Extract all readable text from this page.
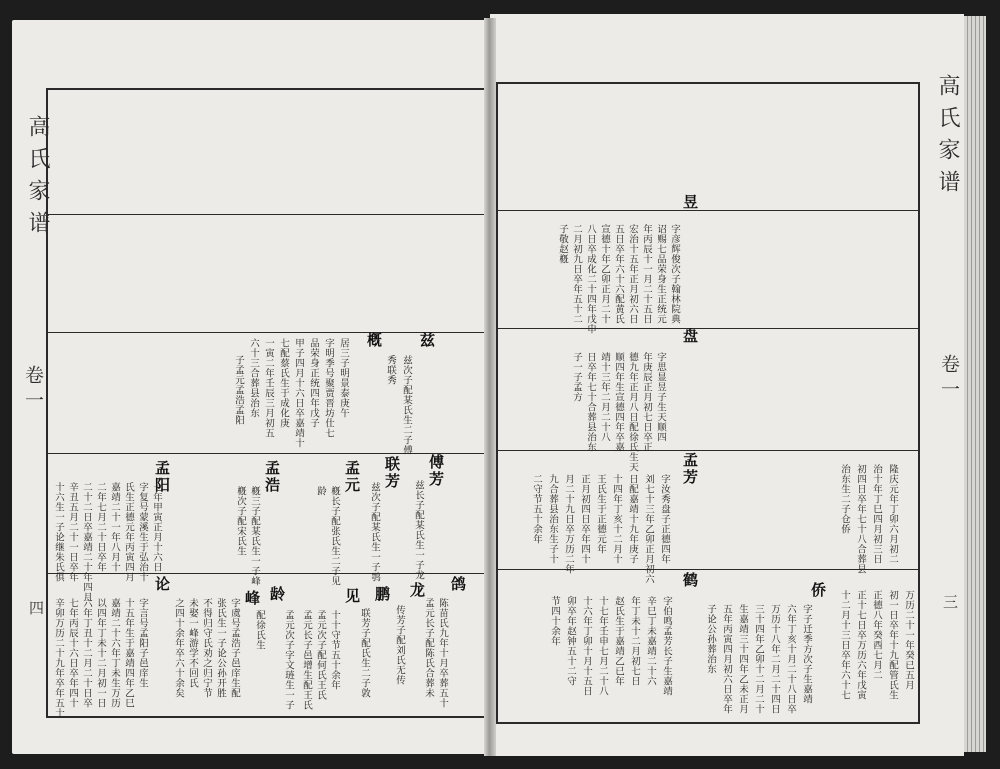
高氏家谱
卷一
四
槪
子孟元孟浩孟阳 六十三合葬县治东 一寅二年壬辰三月初五 七配蔡氏生于成化庚 甲子四月十六日卒嘉靖十 品荣身正统四年戊子 字明季号聚贾晋坊仕七 居三子明景泰庚午	兹
秀联秀 兹次子配某氏生二子傅
傅芳
兹长子配某氏生一子龙
联芳
兹次子配某氏生一子鹗
孟元
槪长子配张氏生二子见
龄
孟浩
槪三子配某氏生一子峰
槪次子配宋氏生
孟阳
十六生一子论继朱氏俱 辛丑五月二十一日卒年 二十二日卒嘉靖二十年四月 二年七月二十日卒年 嘉靖二十一年八月十 氏生正德元年丙寅四月 字复号蒙溪生于弘治十 七年甲寅正月十六日
鸽
陈苗氏九年十月卒葬五十
孟元长子配陈氏合葬未
龙
传芳子配刘氏无传
鹏
联芳子配氏生二子敦
见
十十守节五十余年
孟元次子配何氏王氏
孟元长子邑增生配王氏
龄
孟元次子字文琏生一子
配徐氏生
峰
之四十余年卒六十余矣 未娶一峰游学不回氏 不得归守氏劝之归宁节 张氏生一子论公孙开胜 字虞号孟浩子邑庠生配
论
辛卯万历二十九年卒年五十 七年丙辰十六日卒年四十 六年丁丑十二月二十日卒 以四年丁未十二月初一日 嘉靖二十六年丁未生万历 十五年生于嘉靖四年乙巳 字言号孟阳子邑庠生
高氏家谱
卷一
三
昱
子敬赵槪 二月初九日卒年五十二 八日卒成化二十四年戊申 宣德十年乙卯正月二十 五日卒年六十六配黄氏 宏治十五年正月初六日 年丙辰十一月二十五日 诏赐七品荣身生正统元 字彦辉俊次子翰林院典
盘
子一子孟方 日卒年七十合葬县治东 靖十三年二月二十八 顺四年生宣德四年卒嘉 德九年正月八日配徐氏生天 年庚辰正月初七日卒正 字思显昱子生天顺四
孟芳
二守节五十余年 九合葬县治东生子十 月二十九日卒万历二年 正月初四日卒年四十 王氏生于正德元年 十四年丁亥十二月十 日配嘉靖十九年庚子 刘七十三年乙卯正月初六 字汝秀盘子正德四年
鹤
节四十余年 卯卒年赵钟五十二守 十六年丁卯十月十五日 十七年壬申七月二十八 赵氏生于嘉靖乙已年 年丁未十二月初七日 辛巳丁未嘉靖二十六 字伯鸣孟芳长子生嘉靖
侨
子论公孙葬治东 五年丙寅四月初六日卒年 生嘉靖三十四年乙未正月 三十四年乙卯十二月二十 万历十八年二月二十四日 六年丁亥十月二十八日卒 字子迁季方次子生嘉靖
治东生二子仓侨 初四日卒年七十八合葬县 治十年丁巳四月初三日 隆庆元年丁卯六月初二
十二月十三日卒年六十七 正十七日卒万历六年戊寅 正德八年癸酉七月二 初一日卒年十九配管氏生 万历二十一年癸已五月
